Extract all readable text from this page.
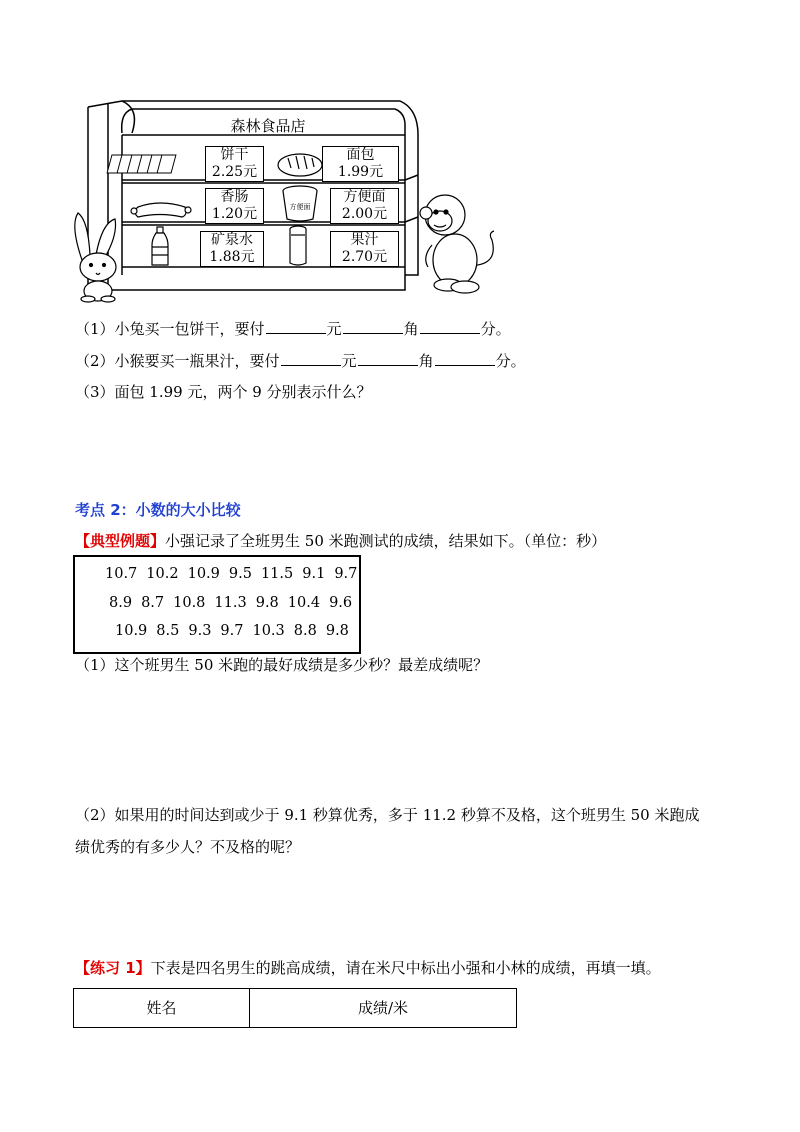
方便面
森林食品店
饼干
2.25元
面包
1.99元
香肠
1.20元
方便面
2.00元
矿泉水
1.88元
果汁
2.70元
（1）小兔买一包饼干，要付	元	角	分。
（2）小猴要买一瓶果汁，要付	元	角	分。
（3）面包 1.99 元，两个 9 分别表示什么？
考点 2：小数的大小比较
【典型例题】小强记录了全班男生 50 米跑测试的成绩，结果如下。（单位：秒）
10.7 10.2 10.9 9.5 11.5 9.1 9.7
8.9 8.7 10.8 11.3 9.8 10.4 9.6
10.9 8.5 9.3 9.7 10.3 8.8 9.8
（1）这个班男生 50 米跑的最好成绩是多少秒？最差成绩呢？
（2）如果用的时间达到或少于 9.1 秒算优秀，多于 11.2 秒算不及格，这个班男生 50 米跑成
绩优秀的有多少人？不及格的呢？
【练习 1】下表是四名男生的跳高成绩，请在米尺中标出小强和小林的成绩，再填一填。
姓名	成绩/米
